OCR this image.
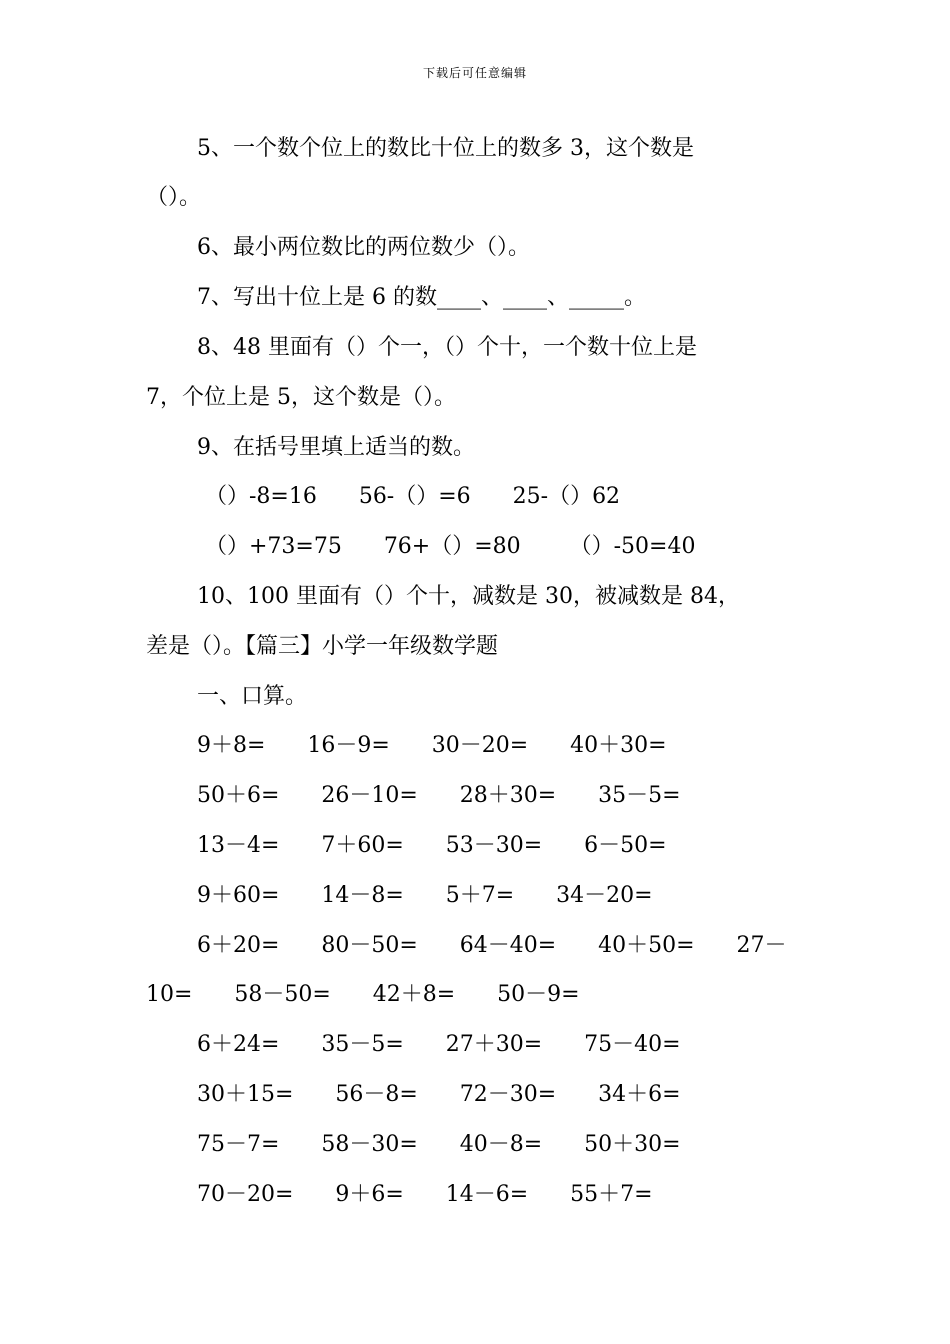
下载后可任意编辑
5、一个数个位上的数比十位上的数多 3，这个数是
（）。
6、最小两位数比的两位数少（）。
7、写出十位上是 6 的数____、____、_____。
8、48 里面有（）个一，（）个十，一个数十位上是
7，个位上是 5，这个数是（）。
9、在括号里填上适当的数。
（）-8=16      56-（）=6      25-（）62
（）+73=75      76+（）=80       （）-50=40
10、100 里面有（）个十，减数是 30，被减数是 84，
差是（）。【篇三】小学一年级数学题
一、口算。
9＋8=      16－9=      30－20=      40＋30=
50＋6=      26－10=      28＋30=      35－5=
13－4=      7＋60=      53－30=      6－50=
9＋60=      14－8=      5＋7=      34－20=
6＋20=      80－50=      64－40=      40＋50=      27－
10=      58－50=      42＋8=      50－9=
6＋24=      35－5=      27＋30=      75－40=
30＋15=      56－8=      72－30=      34＋6=
75－7=      58－30=      40－8=      50＋30=
70－20=      9＋6=      14－6=      55＋7=
